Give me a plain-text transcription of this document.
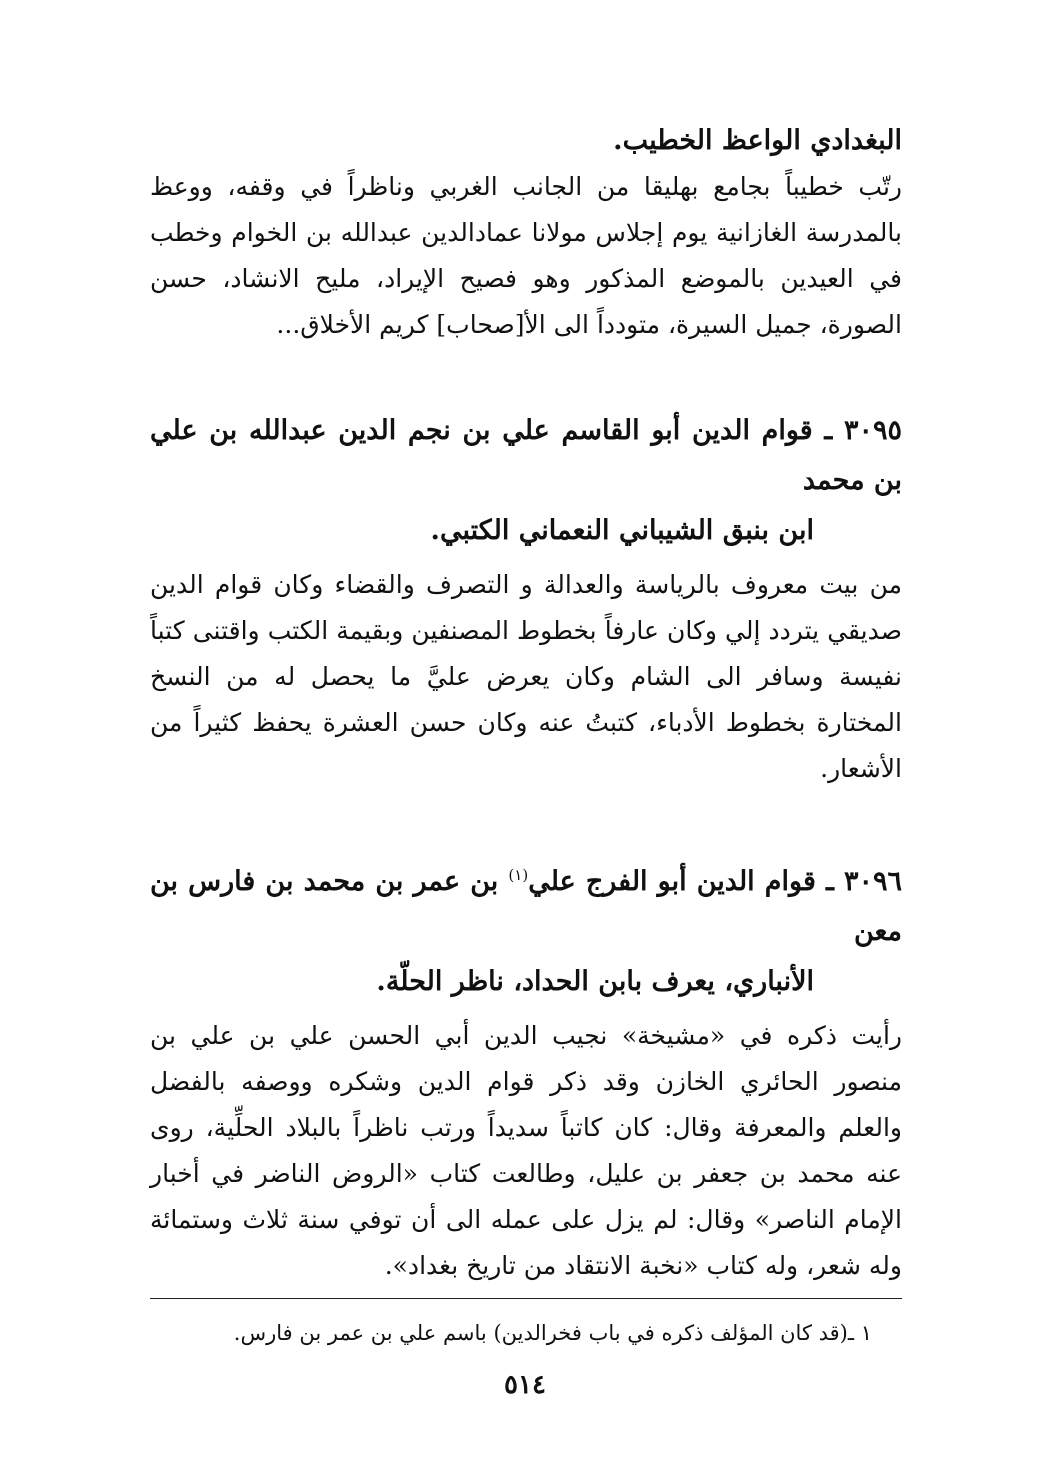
البغدادي الواعظ الخطيب.

رتّب خطيباً بجامع بهليقا من الجانب الغربي وناظراً في وقفه، ووعظ بالمدرسة الغازانية يوم إجلاس مولانا عمادالدين عبدالله بن الخوام وخطب في العيدين بالموضع المذكور وهو فصيح الإيراد، مليح الانشاد، حسن الصورة، جميل السيرة، متودداً الى الأ[صحاب] كريم الأخلاق...

٣٠٩٥ ـ قوام الدين أبو القاسم علي بن نجم الدين عبدالله بن علي بن محمد
ابن بنبق الشيباني النعماني الكتبي.

من بيت معروف بالرياسة والعدالة و التصرف والقضاء وكان قوام الدين صديقي يتردد إلي وكان عارفاً بخطوط المصنفين وبقيمة الكتب واقتنى كتباً نفيسة وسافر الى الشام وكان يعرض عليَّ ما يحصل له من النسخ المختارة بخطوط الأدباء، كتبتُ عنه وكان حسن العشرة يحفظ كثيراً من الأشعار.

٣٠٩٦ ـ قوام الدين أبو الفرج علي$^{(١)}$ بن عمر بن محمد بن فارس بن معن
الأنباري، يعرف بابن الحداد، ناظر الحلّة.

رأيت ذكره في «مشيخة» نجيب الدين أبي الحسن علي بن علي بن منصور الحائري الخازن وقد ذكر قوام الدين وشكره ووصفه بالفضل والعلم والمعرفة وقال: كان كاتباً سديداً ورتب ناظراً بالبلاد الحلِّية، روى عنه محمد بن جعفر بن عليل، وطالعت كتاب «الروض الناضر في أخبار الإمام الناصر» وقال: لم يزل على عمله الى أن توفي سنة ثلاث وستمائة وله شعر، وله كتاب «نخبة الانتقاد من تاريخ بغداد».

١ ـ(قد كان المؤلف ذكره في باب فخرالدين) باسم علي بن عمر بن فارس.
٥١٤
